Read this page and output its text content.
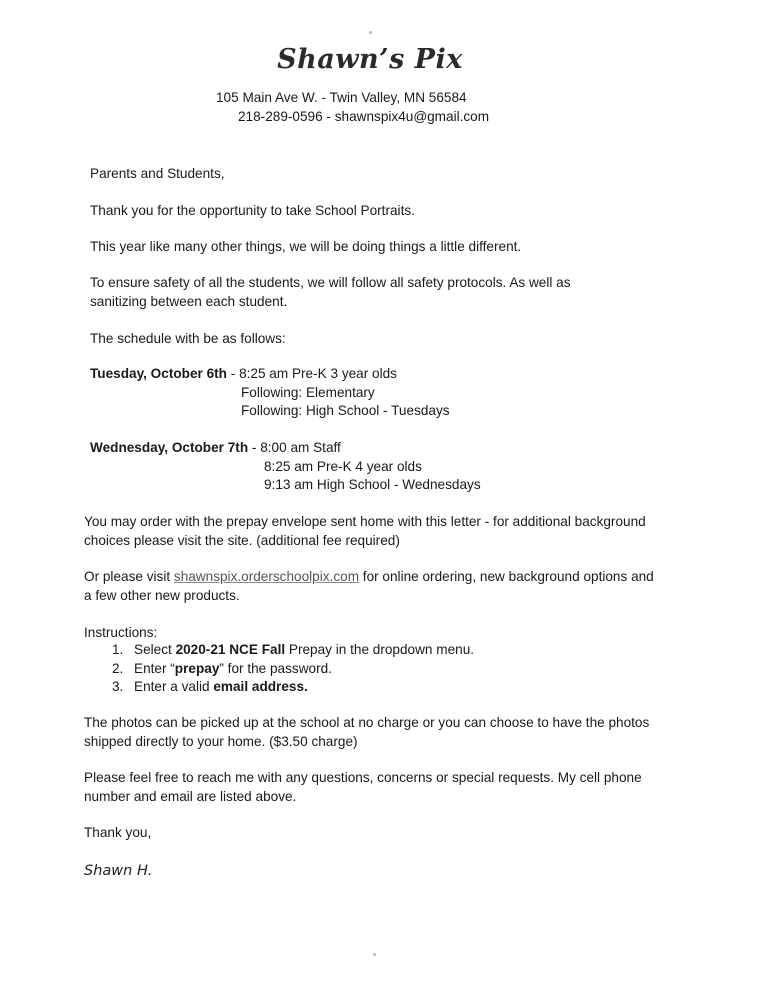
Shawn’s Pix
105 Main Ave W. - Twin Valley, MN 56584
218-289-0596 - shawnspix4u@gmail.com
Parents and Students,
Thank you for the opportunity to take School Portraits.
This year like many other things, we will be doing things a little different.
To ensure safety of all the students, we will follow all safety protocols. As well as
sanitizing between each student.
The schedule with be as follows:
Tuesday, October 6th - 8:25 am Pre-K 3 year olds
Following: Elementary
Following: High School - Tuesdays
Wednesday, October 7th - 8:00 am Staff
8:25 am Pre-K 4 year olds
9:13 am High School - Wednesdays
You may order with the prepay envelope sent home with this letter - for additional background
choices please visit the site. (additional fee required)
Or please visit shawnspix.orderschoolpix.com for online ordering, new background options and
a few other new products.
Instructions:
1. Select 2020-21 NCE Fall Prepay in the dropdown menu.
2. Enter “prepay” for the password.
3. Enter a valid email address.
The photos can be picked up at the school at no charge or you can choose to have the photos
shipped directly to your home. ($3.50 charge)
Please feel free to reach me with any questions, concerns or special requests. My cell phone
number and email are listed above.
Thank you,
Shawn H.
